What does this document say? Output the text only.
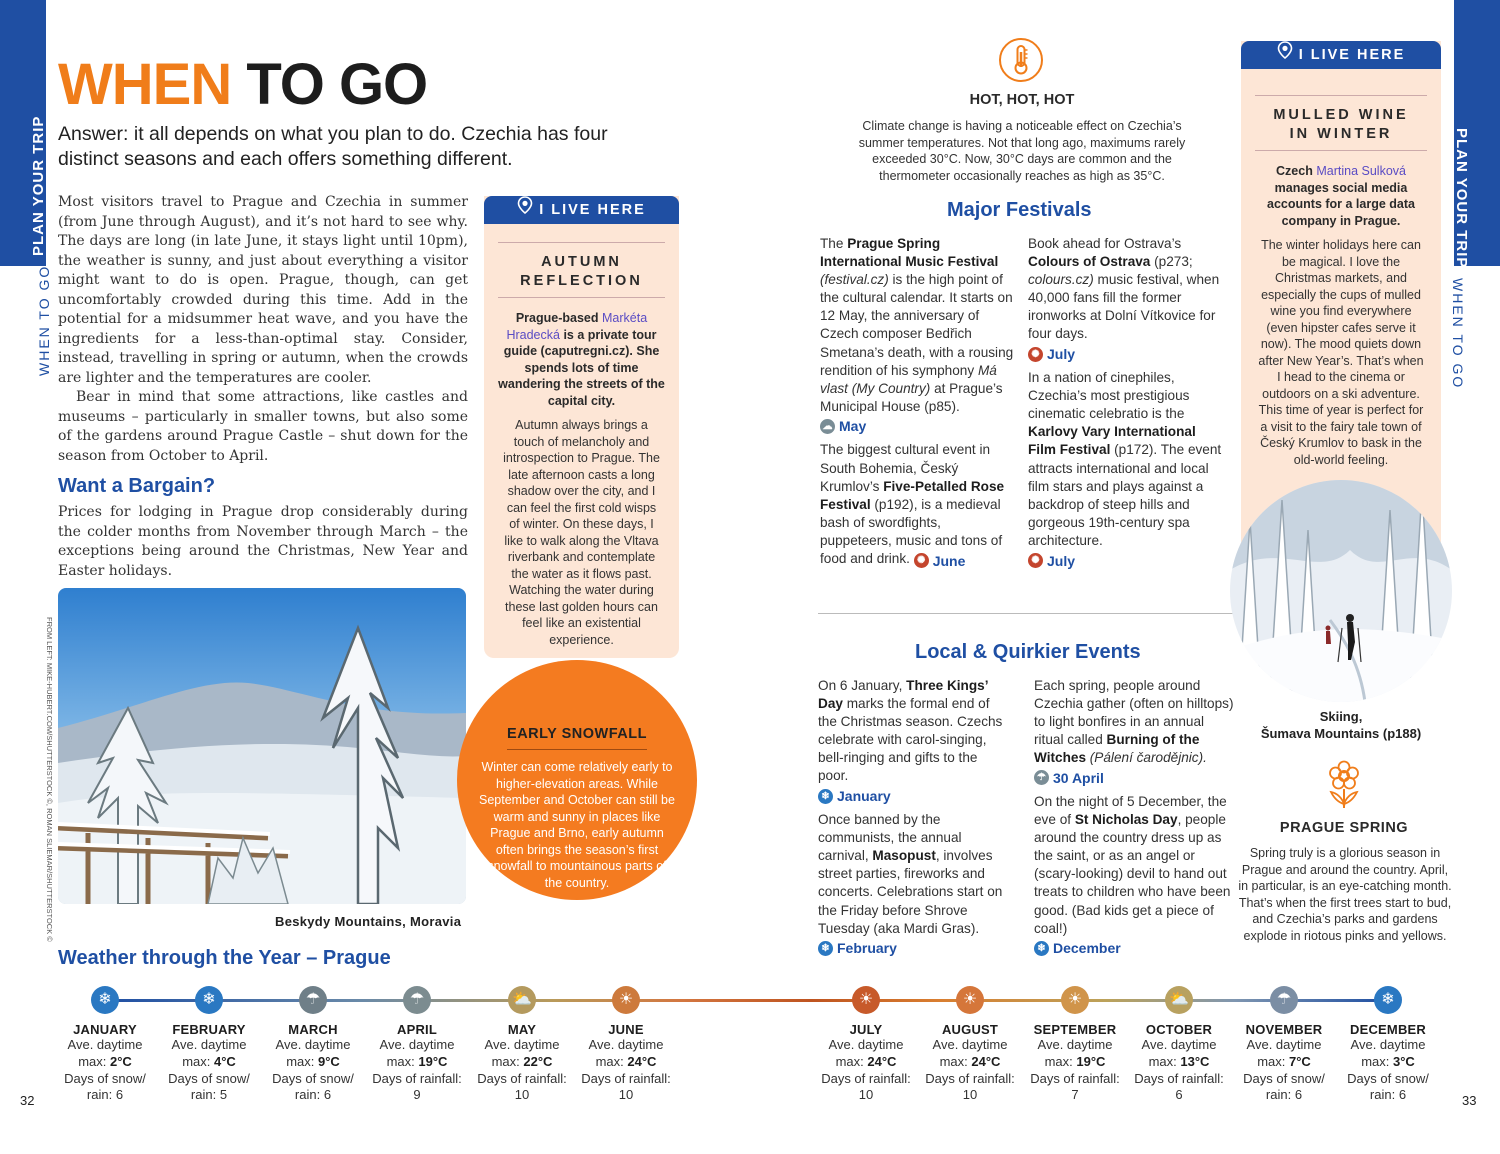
PLAN YOUR TRIP
WHEN TO GO
PLAN YOUR TRIP
WHEN TO GO
32	33
FROM LEFT: MIKE-HUBERT.COM/SHUTTERSTOCK ©, ROMAN SLIEMAR/SHUTTERSTOCK ©
WHEN TO GO
Answer: it all depends on what you plan to do. Czechia has four distinct seasons and each offers something different.

Most visitors travel to Prague and Czechia in summer (from June through August), and it’s not hard to see why. The days are long (in late June, it stays light until 10pm), the weather is sunny, and just about everything a visitor might want to do is open. Prague, though, can get uncomfortably crowded during this time. Add in the potential for a midsummer heat wave, and you have the ingredients for a less-than-optimal stay. Consider, instead, travelling in spring or autumn, when the crowds are lighter and the temperatures are cooler.

Bear in mind that some attractions, like castles and museums – particularly in smaller towns, but also some of the gardens around Prague Castle – shut down for the season from October to April.

Want a Bargain?
Prices for lodging in Prague drop considerably during the colder months from November through March – the exceptions being around the Christmas, New Year and Easter holidays.
I LIVE HERE
AUTUMN
REFLECTION
Prague-based Markéta Hradecká is a private tour guide (caputregni.cz). She spends lots of time wandering the streets of the capital city.
Autumn always brings a touch of melancholy and introspection to Prague. The late afternoon casts a long shadow over the city, and I can feel the first cold wisps of winter. On these days, I like to walk along the Vltava riverbank and contemplate the water as it flows past. Watching the water during these last golden hours can feel like an existential experience.
Beskydy Mountains, Moravia
EARLY SNOWFALL
Winter can come relatively early to higher-elevation areas. While September and October can still be warm and sunny in places like Prague and Brno, early autumn often brings the season’s first snowfall to mountainous parts of the country.
HOT, HOT, HOT
Climate change is having a noticeable effect on Czechia’s summer temperatures. Not that long ago, maximums rarely exceeded 30°C. Now, 30°C days are common and the thermometer occasionally reaches as high as 35°C.
Major Festivals

The Prague Spring International Music Festival (festival.cz) is the high point of the cultural calendar. It starts on 12 May, the anniversary of Czech composer Bedřich Smetana’s death, with a rousing rendition of his symphony Má vlast (My Country) at Prague’s Municipal House (p85).

☁ May

The biggest cultural event in South Bohemia, Český Krumlov’s Five-Petalled Rose Festival (p192), is a medieval bash of swordfights, puppeteers, music and tons of food and drink. ✺ June

Book ahead for Ostrava’s Colours of Ostrava (p273; colours.cz) music festival, when 40,000 fans fill the former ironworks at Dolní Vítkovice for four days.

✺ July

In a nation of cinephiles, Czechia’s most prestigious cinematic celebratio is the Karlovy Vary International Film Festival (p172). The event attracts international and local film stars and plays against a backdrop of steep hills and gorgeous 19th-century spa architecture.

✺ July

Local & Quirkier Events

On 6 January, Three Kings’ Day marks the formal end of the Christmas season. Czechs celebrate with carol-singing, bell-ringing and gifts to the poor.

❄ January

Once banned by the communists, the annual carnival, Masopust, involves street parties, fireworks and concerts. Celebrations start on the Friday before Shrove Tuesday (aka Mardi Gras).

❄ February

Each spring, people around Czechia gather (often on hilltops) to light bonfires in an annual ritual called Burning of the Witches (Pálení čarodějnic).

☂ 30 April

On the night of 5 December, the eve of St Nicholas Day, people around the country dress up as the saint, or as an angel or (scary-looking) devil to hand out treats to children who have been good. (Bad kids get a piece of coal!)

❄ December

I LIVE HERE
MULLED WINE
IN WINTER
Czech Martina Sulková manages social media accounts for a large data company in Prague.
The winter holidays here can be magical. I love the Christmas markets, and especially the cups of mulled wine you find everywhere (even hipster cafes serve it now). The mood quiets down after New Year’s. That’s when I head to the cinema or outdoors on a ski adventure. This time of year is perfect for a visit to the fairy tale town of Český Krumlov to bask in the old-world feeling.
Skiing,
Šumava Mountains (p188)
PRAGUE SPRING
Spring truly is a glorious season in Prague and around the country. April, in particular, is an eye-catching month. That’s when the first trees start to bud, and Czechia’s parks and gardens explode in riotous pinks and yellows.
Weather through the Year – Prague
❄
JANUARY
Ave. daytime
max: 2°C
Days of snow/
rain: 6
❄
FEBRUARY
Ave. daytime
max: 4°C
Days of snow/
rain: 5
☂
MARCH
Ave. daytime
max: 9°C
Days of snow/
rain: 6
☂
APRIL
Ave. daytime
max: 19°C
Days of rainfall:
9
⛅
MAY
Ave. daytime
max: 22°C
Days of rainfall:
10
☀
JUNE
Ave. daytime
max: 24°C
Days of rainfall:
10
☀
JULY
Ave. daytime
max: 24°C
Days of rainfall:
10
☀
AUGUST
Ave. daytime
max: 24°C
Days of rainfall:
10
☀
SEPTEMBER
Ave. daytime
max: 19°C
Days of rainfall:
7
⛅
OCTOBER
Ave. daytime
max: 13°C
Days of rainfall:
6
☂
NOVEMBER
Ave. daytime
max: 7°C
Days of snow/
rain: 6
❄
DECEMBER
Ave. daytime
max: 3°C
Days of snow/
rain: 6
